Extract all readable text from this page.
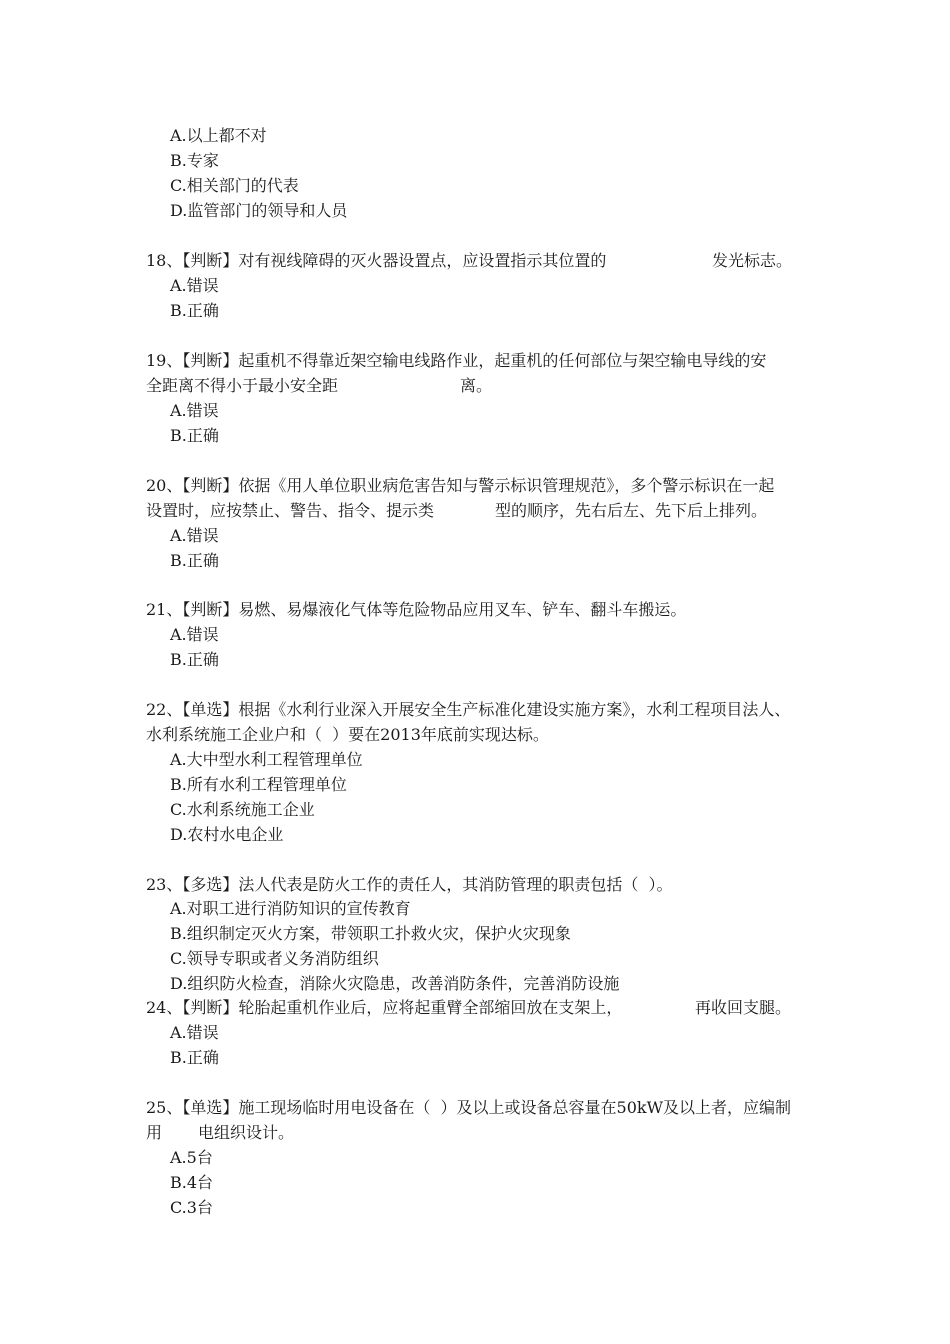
A.以上都不对
B.专家
C.相关部门的代表
D.监管部门的领导和人员
18、【判断】对有视线障碍的灭火器设置点，应设置指示其位置的	发光标志。
A.错误
B.正确
19、【判断】起重机不得靠近架空输电线路作业，起重机的任何部位与架空输电导线的安
全距离不得小于最小安全距	离。
A.错误
B.正确
20、【判断】依据《用人单位职业病危害告知与警示标识管理规范》，多个警示标识在一起
设置时，应按禁止、警告、指令、提示类	型的顺序，先右后左、先下后上排列。
A.错误
B.正确
21、【判断】易燃、易爆液化气体等危险物品应用叉车、铲车、翻斗车搬运。
A.错误
B.正确
22、【单选】根据《水利行业深入开展安全生产标准化建设实施方案》，水利工程项目法人、
水利系统施工企业户和（  ）要在2013年底前实现达标。
A.大中型水利工程管理单位
B.所有水利工程管理单位
C.水利系统施工企业
D.农村水电企业
23、【多选】法人代表是防火工作的责任人，其消防管理的职责包括（  ）。
A.对职工进行消防知识的宣传教育
B.组织制定灭火方案，带领职工扑救火灾，保护火灾现象
C.领导专职或者义务消防组织
D.组织防火检查，消除火灾隐患，改善消防条件，完善消防设施
24、【判断】轮胎起重机作业后，应将起重臂全部缩回放在支架上，	再收回支腿。
A.错误
B.正确
25、【单选】施工现场临时用电设备在（  ）及以上或设备总容量在50kW及以上者，应编制
用 电组织设计。
A.5台
B.4台
C.3台
